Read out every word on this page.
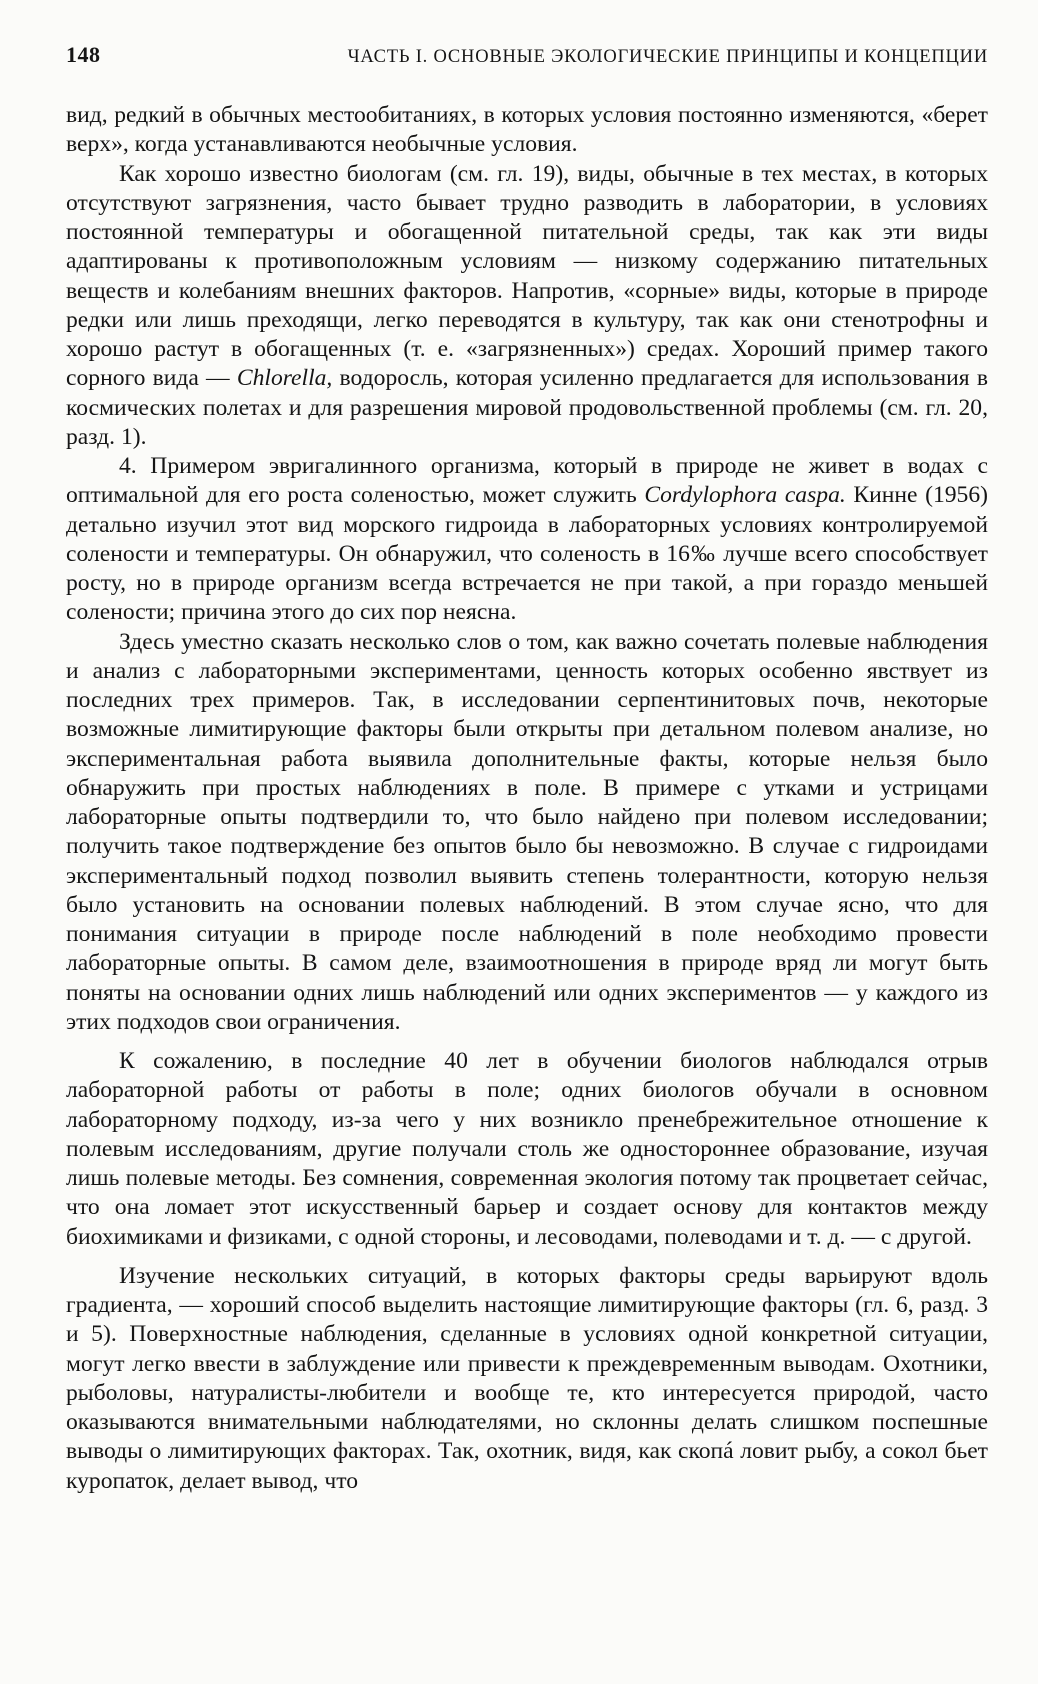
148	ЧАСТЬ I. ОСНОВНЫЕ ЭКОЛОГИЧЕСКИЕ ПРИНЦИПЫ И КОНЦЕПЦИИ

вид, редкий в обычных местообитаниях, в которых условия постоянно изменяются, «берет верх», когда устанавливаются необычные условия.

Как хорошо известно биологам (см. гл. 19), виды, обычные в тех местах, в которых отсутствуют загрязнения, часто бывает трудно разводить в лаборатории, в условиях постоянной температуры и обогащенной питательной среды, так как эти виды адаптированы к противоположным условиям — низкому содержанию питательных веществ и колебаниям внешних факторов. Напротив, «сорные» виды, которые в природе редки или лишь преходящи, легко переводятся в культуру, так как они стенотрофны и хорошо растут в обогащенных (т. е. «загрязненных») средах. Хороший пример такого сорного вида — Chlorella, водоросль, которая усиленно предлагается для использования в космических полетах и для разрешения мировой продовольственной проблемы (см. гл. 20, разд. 1).

4. Примером эвригалинного организма, который в природе не живет в водах с оптимальной для его роста соленостью, может служить Cordylophora caspa. Кинне (1956) детально изучил этот вид морского гидроида в лабораторных условиях контролируемой солености и температуры. Он обнаружил, что соленость в 16‰ лучше всего способствует росту, но в природе организм всегда встречается не при такой, а при гораздо меньшей солености; причина этого до сих пор неясна.

Здесь уместно сказать несколько слов о том, как важно сочетать полевые наблюдения и анализ с лабораторными экспериментами, ценность которых особенно явствует из последних трех примеров. Так, в исследовании серпентинитовых почв, некоторые возможные лимитирующие факторы были открыты при детальном полевом анализе, но экспериментальная работа выявила дополнительные факты, которые нельзя было обнаружить при простых наблюдениях в поле. В примере с утками и устрицами лабораторные опыты подтвердили то, что было найдено при полевом исследовании; получить такое подтверждение без опытов было бы невозможно. В случае с гидроидами экспериментальный подход позволил выявить степень толерантности, которую нельзя было установить на основании полевых наблюдений. В этом случае ясно, что для понимания ситуации в природе после наблюдений в поле необходимо провести лабораторные опыты. В самом деле, взаимоотношения в природе вряд ли могут быть поняты на основании одних лишь наблюдений или одних экспериментов — у каждого из этих подходов свои ограничения.

К сожалению, в последние 40 лет в обучении биологов наблюдался отрыв лабораторной работы от работы в поле; одних биологов обучали в основном лабораторному подходу, из-за чего у них возникло пренебрежительное отношение к полевым исследованиям, другие получали столь же одностороннее образование, изучая лишь полевые методы. Без сомнения, современная экология потому так процветает сейчас, что она ломает этот искусственный барьер и создает основу для контактов между биохимиками и физиками, с одной стороны, и лесоводами, полеводами и т. д. — с другой.

Изучение нескольких ситуаций, в которых факторы среды варьируют вдоль градиента, — хороший способ выделить настоящие лимитирующие факторы (гл. 6, разд. 3 и 5). Поверхностные наблюдения, сделанные в условиях одной конкретной ситуации, могут легко ввести в заблуждение или привести к преждевременным выводам. Охотники, рыболовы, натуралисты-любители и вообще те, кто интересуется природой, часто оказываются внимательными наблюдателями, но склонны делать слишком поспешные выводы о лимитирующих факторах. Так, охотник, видя, как скопá ловит рыбу, а сокол бьет куропаток, делает вывод, что
